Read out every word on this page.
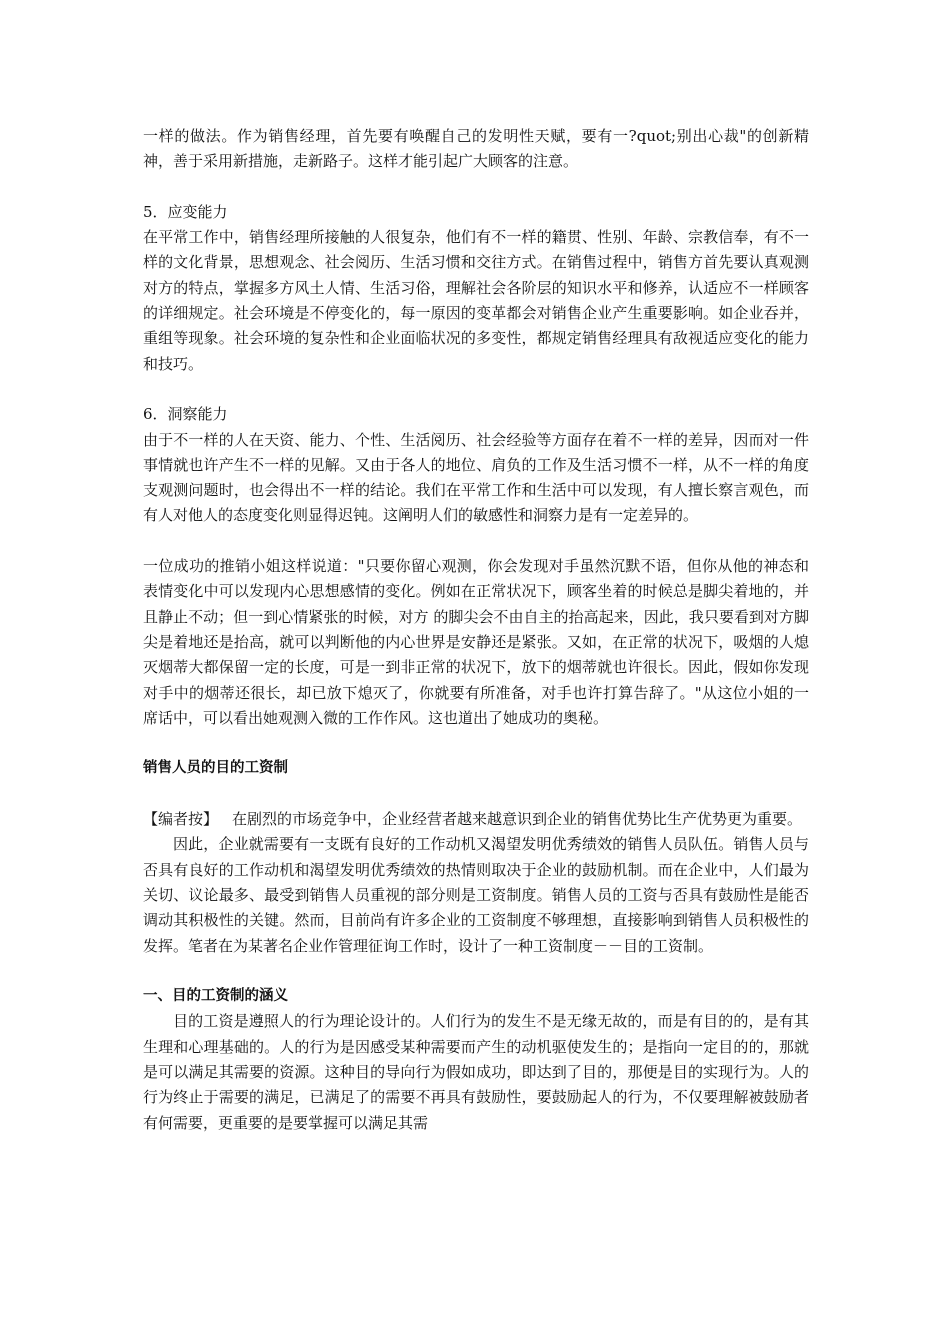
一样的做法。作为销售经理，首先要有唤醒自己的发明性天赋，要有一?quot;别出心裁"的创新精神，善于采用新措施，走新路子。这样才能引起广大顾客的注意。

5．应变能力

在平常工作中，销售经理所接触的人很复杂，他们有不一样的籍贯、性别、年龄、宗教信奉，有不一样的文化背景，思想观念、社会阅历、生活习惯和交往方式。在销售过程中，销售方首先要认真观测对方的特点，掌握多方风土人情、生活习俗，理解社会各阶层的知识水平和修养，认适应不一样顾客的详细规定。社会环境是不停变化的，每一原因的变革都会对销售企业产生重要影响。如企业吞并，重组等现象。社会环境的复杂性和企业面临状况的多变性，都规定销售经理具有敌视适应变化的能力和技巧。

6．洞察能力

由于不一样的人在天资、能力、个性、生活阅历、社会经验等方面存在着不一样的差异，因而对一件事情就也许产生不一样的见解。又由于各人的地位、肩负的工作及生活习惯不一样，从不一样的角度支观测问题时，也会得出不一样的结论。我们在平常工作和生活中可以发现，有人擅长察言观色，而有人对他人的态度变化则显得迟钝。这阐明人们的敏感性和洞察力是有一定差异的。

一位成功的推销小姐这样说道："只要你留心观测，你会发现对手虽然沉默不语，但你从他的神态和表情变化中可以发现内心思想感情的变化。例如在正常状况下，顾客坐着的时候总是脚尖着地的，并且静止不动；但一到心情紧张的时候，对方 的脚尖会不由自主的抬高起来，因此，我只要看到对方脚尖是着地还是抬高，就可以判断他的内心世界是安静还是紧张。又如，在正常的状况下，吸烟的人熄灭烟蒂大都保留一定的长度，可是一到非正常的状况下，放下的烟蒂就也许很长。因此，假如你发现对手中的烟蒂还很长，却已放下熄灭了，你就要有所准备，对手也许打算告辞了。"从这位小姐的一席话中，可以看出她观测入微的工作作风。这也道出了她成功的奥秘。

销售人员的目的工资制

【编者按】 在剧烈的市场竞争中，企业经营者越来越意识到企业的销售优势比生产优势更为重要。

因此，企业就需要有一支既有良好的工作动机又渴望发明优秀绩效的销售人员队伍。销售人员与否具有良好的工作动机和渴望发明优秀绩效的热情则取决于企业的鼓励机制。而在企业中，人们最为关切、议论最多、最受到销售人员重视的部分则是工资制度。销售人员的工资与否具有鼓励性是能否调动其积极性的关键。然而，目前尚有许多企业的工资制度不够理想，直接影响到销售人员积极性的发挥。笔者在为某著名企业作管理征询工作时，设计了一种工资制度－－目的工资制。

一、目的工资制的涵义

目的工资是遵照人的行为理论设计的。人们行为的发生不是无缘无故的，而是有目的的，是有其生理和心理基础的。人的行为是因感受某种需要而产生的动机驱使发生的；是指向一定目的的，那就是可以满足其需要的资源。这种目的导向行为假如成功，即达到了目的，那便是目的实现行为。人的行为终止于需要的满足，已满足了的需要不再具有鼓励性，要鼓励起人的行为，不仅要理解被鼓励者有何需要，更重要的是要掌握可以满足其需
